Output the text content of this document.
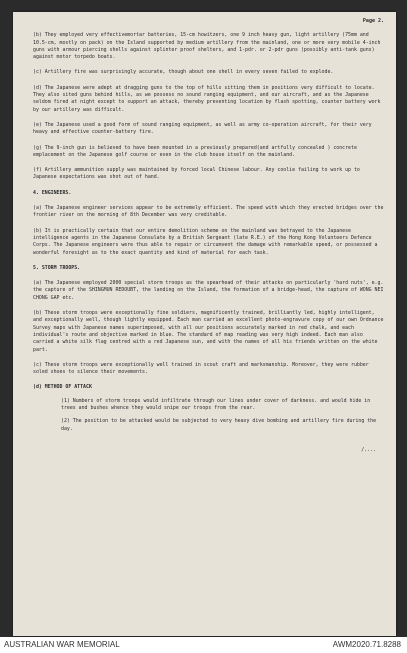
Page 2.

(b) They employed very effectivemortar batteries, 15-cm howitzers, one 9 inch heavy gun, light artillery (75mm and 10.5-cm, mostly on pack) on the Island supported by medium artillery from the mainland, one or more very mobile 4-inch guns with armour piercing shells against splinter proof shelters, and 1-pdr. or 2-pdr guns (possibly anti-tank guns) against motor torpedo boats.

(c) Artillery fire was surprisingly accurate, though about one shell in every seven failed to explode.

(d) The Japanese were adept at dragging guns to the top of hills sitting them in positions very difficult to locate. They also sited guns behind hills, as we possess no sound ranging equipment, and our aircraft, and as the Japanese seldom fired at night except to support an attack, thereby preventing location by flash spotting, counter battery work by our artillery was difficult.

(e) The Japanese used a good form of sound ranging equipment, as well as army co-operation aircraft, for their very heavy and effective counter-battery fire.

(g) The 9-inch gun is believed to have been mounted in a previously prepared(and artfully concealed ) concrete emplacement on the Japanese golf course or even in the club house itself on the mainland.

(f) Artillery ammunition supply was maintained by forced local Chinese labour. Any coolie failing to work up to Japanese expectations was shot out of hand.

4. ENGINEERS.

(a) The Japanese engineer services appear to be extremely efficient. The speed with which they erected bridges over the frontier river on the morning of 8th December was very creditable.

(b) It is practically certain that our entire demolition scheme on the mainland was betrayed to the Japanese intelligence agents in the Japanese Consulate by a British Sergeant (late R.E.) of the Hong Kong Volunteers Defence Corps. The Japanese engineers were thus able to repair or circumvent the damage with remarkable speed, or possessed a wonderful foresight as to the exact quantity and kind of material for each task.

5. STORM TROOPS.

(a) The Japanese employed 2000 special storm troops as the spearhead of their attacks on particularly 'hard nuts', e.g. the capture of the SHINGMUN REDOUBT, the landing on the Island, the formation of a bridge-head, the capture of WONG NEI CHONG GAP etc.

(b) These storm troops were exceptionally fine soldiers, magnificently trained, brilliantly led, highly intelligent, and exceptionally well, though lightly equipped. Each man carried an excellent photo-engravure copy of our own Ordnance Survey maps with Japanese names superimposed, with all our positions accurately marked in red chalk, and each individual's route and objective marked in blue. The standard of map reading was very high indeed. Each man also carried a white silk flag centred with a red Japanese sun, and with the names of all his friends written on the white part.

(c) These storm troops were exceptionally well trained in scout craft and marksmanship. Moreover, they were rubber soled shoes to silence their movements.

(d) METHOD OF ATTACK

(1) Numbers of storm troops would infiltrate through our lines under cover of darkness. and would hide in trees and bushes whence they would snipe our troops from the rear.

(2) The position to be attacked would be subjected to very heavy dive bombing and artillery fire during the day.

/....
AUSTRALIAN WAR MEMORIAL	AWM2020.71.8288
